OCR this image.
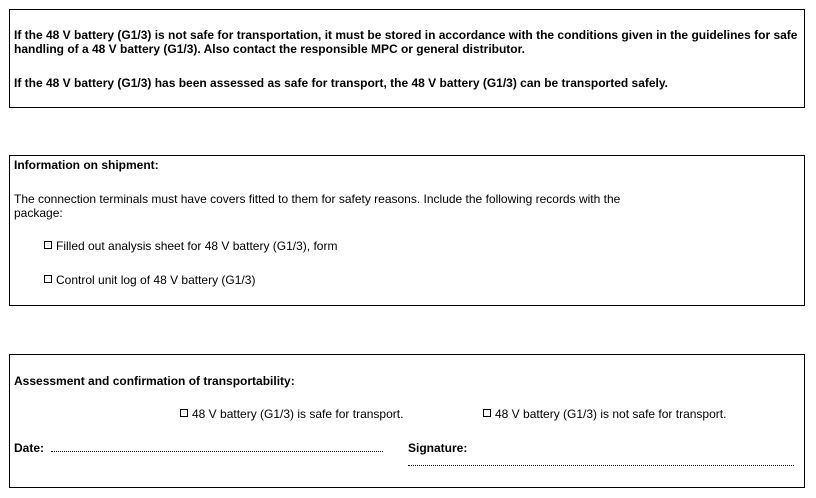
If the 48 V battery (G1/3) is not safe for transportation, it must be stored in accordance with the conditions given in the guidelines for safe handling of a 48 V battery (G1/3). Also contact the responsible MPC or general distributor.

If the 48 V battery (G1/3) has been assessed as safe for transport, the 48 V battery (G1/3) can be transported safely.

Information on shipment:

The connection terminals must have covers fitted to them for safety reasons. Include the following records with the package:

Filled out analysis sheet for 48 V battery (G1/3), form
Control unit log of 48 V battery (G1/3)

Assessment and confirmation of transportability:

48 V battery (G1/3) is safe for transport.	48 V battery (G1/3) is not safe for transport.
Date:	Signature:
